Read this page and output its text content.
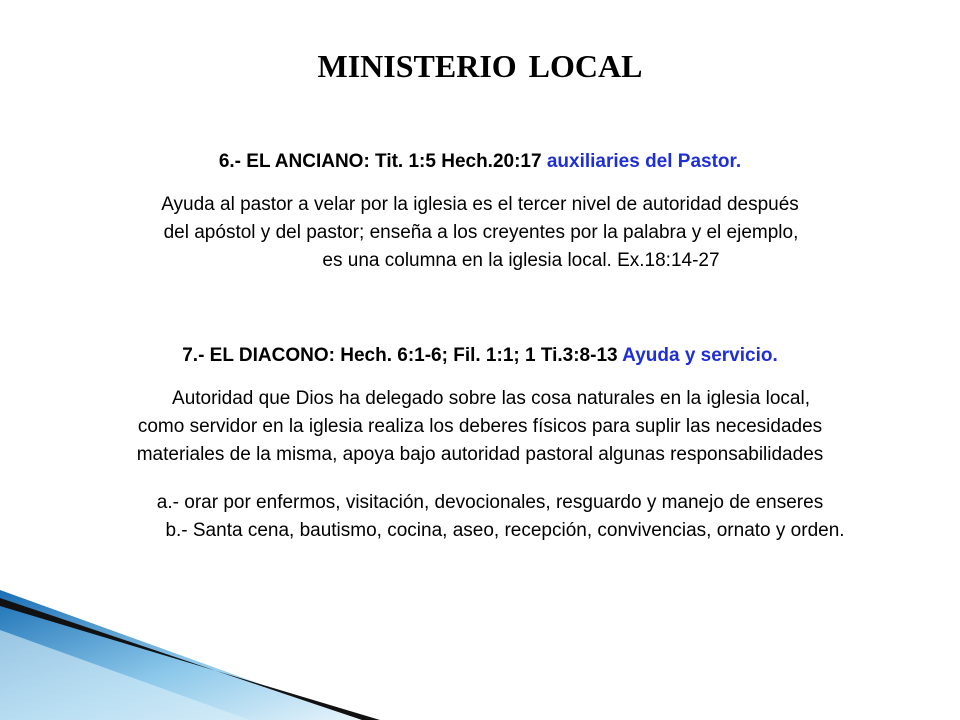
MINISTERIO LOCAL
6.- EL ANCIANO: Tit. 1:5 Hech.20:17 auxiliaries del Pastor.
Ayuda al pastor a velar por la iglesia es el tercer nivel de autoridad después
del apóstol y del pastor; enseña a los creyentes por la palabra y el ejemplo,
es una columna en la iglesia local. Ex.18:14-27
7.- EL DIACONO: Hech. 6:1-6; Fil. 1:1; 1 Ti.3:8-13 Ayuda y servicio.
Autoridad que Dios ha delegado sobre las cosa naturales en la iglesia local,
como servidor en la iglesia realiza los deberes físicos para suplir las necesidades
materiales de la misma, apoya bajo autoridad pastoral algunas responsabilidades

a.- orar por enfermos, visitación, devocionales, resguardo y manejo de enseres

b.- Santa cena, bautismo, cocina, aseo, recepción, convivencias, ornato y orden.
